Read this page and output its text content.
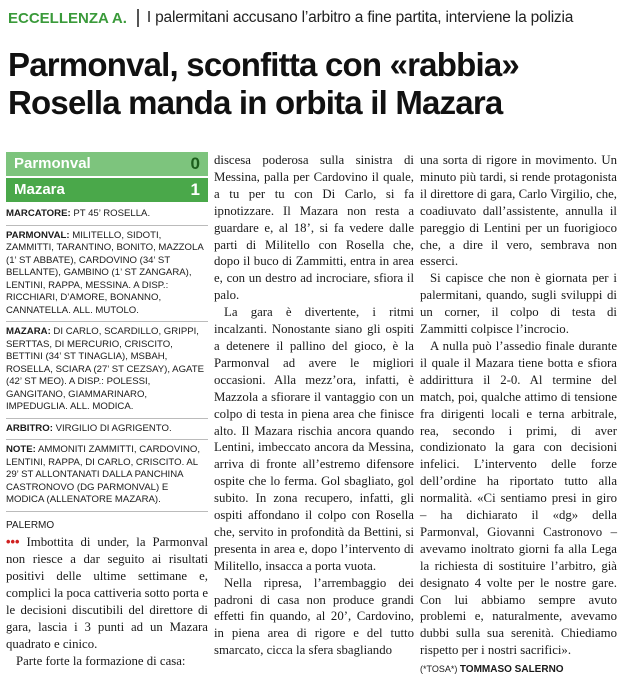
ECCELLENZA A. I palermitani accusano l’arbitro a fine partita, interviene la polizia
Parmonval, sconfitta con «rabbia»
Rosella manda in orbita il Mazara
Parmonval	0
Mazara	1
MARCATORE: PT 45’ ROSELLA.
PARMONVAL: MILITELLO, SIDOTI, ZAMMITTI, TARANTINO, BONITO, MAZZOLA (1’ ST ABBATE), CARDOVINO (34’ ST BELLANTE), GAMBINO (1’ ST ZANGARA), LENTINI, RAPPA, MESSINA. A DISP.: RICCHIARI, D’AMORE, BONANNO, CANNATELLA. ALL. MUTOLO.
MAZARA: DI CARLO, SCARDILLO, GRIPPI, SERTTAS, DI MERCURIO, CRISCITO, BETTINI (34’ ST TINAGLIA), MSBAH, ROSELLA, SCIARA (27’ ST CEZSAY), AGATE (42’ ST MEO). A DISP.: POLESSI, GANGITANO, GIAMMARINARO, IMPEDUGLIA. ALL. MODICA.
ARBITRO: VIRGILIO DI AGRIGENTO.
NOTE: AMMONITI ZAMMITTI, CARDOVINO, LENTINI, RAPPA, DI CARLO, CRISCITO. AL 29’ ST ALLONTANATI DALLA PANCHINA CASTRONOVO (DG PARMONVAL) E MODICA (ALLENATORE MAZARA).
PALERMO

••• Imbottita di under, la Parmonval non riesce a dar seguito ai risultati positivi delle ultime settimane e, complici la poca cattiveria sotto porta e le decisioni discutibili del direttore di gara, lascia i 3 punti ad un Mazara quadrato e cinico.

Parte forte la formazione di casa:

discesa poderosa sulla sinistra di Messina, palla per Cardovino il quale, a tu per tu con Di Carlo, si fa ipnotizzare. Il Mazara non resta a guardare e, al 18’, si fa vedere dalle parti di Militello con Rosella che, dopo il buco di Zammitti, entra in area e, con un destro ad incrociare, sfiora il palo.

La gara è divertente, i ritmi incalzanti. Nonostante siano gli ospiti a detenere il pallino del gioco, è la Parmonval ad avere le migliori occasioni. Alla mezz’ora, infatti, è Mazzola a sfiorare il vantaggio con un colpo di testa in piena area che finisce alto. Il Mazara rischia ancora quando Lentini, imbeccato ancora da Messina, arriva di fronte all’estremo difensore ospite che lo ferma. Gol sbagliato, gol subito. In zona recupero, infatti, gli ospiti affondano il colpo con Rosella che, servito in profondità da Bettini, si presenta in area e, dopo l’intervento di Militello, insacca a porta vuota.

Nella ripresa, l’arrembaggio dei padroni di casa non produce grandi effetti fin quando, al 20’, Cardovino, in piena area di rigore e del tutto smarcato, cicca la sfera sbagliando

una sorta di rigore in movimento. Un minuto più tardi, si rende protagonista il direttore di gara, Carlo Virgilio, che, coadiuvato dall’assistente, annulla il pareggio di Lentini per un fuorigioco che, a dire il vero, sembrava non esserci.

Si capisce che non è giornata per i palermitani, quando, sugli sviluppi di un corner, il colpo di testa di Zammitti colpisce l’incrocio.

A nulla può l’assedio finale durante il quale il Mazara tiene botta e sfiora addirittura il 2-0. Al termine del match, poi, qualche attimo di tensione fra dirigenti locali e terna arbitrale, rea, secondo i primi, di aver condizionato la gara con decisioni infelici. L’intervento delle forze dell’ordine ha riportato tutto alla normalità. «Ci sentiamo presi in giro – ha dichiarato il «dg» della Parmonval, Giovanni Castronovo – avevamo inoltrato giorni fa alla Lega la richiesta di sostituire l’arbitro, già designato 4 volte per le nostre gare. Con lui abbiamo sempre avuto problemi e, naturalmente, avevamo dubbi sulla sua serenità. Chiediamo rispetto per i nostri sacrifici».

(*TOSA*) TOMMASO SALERNO
